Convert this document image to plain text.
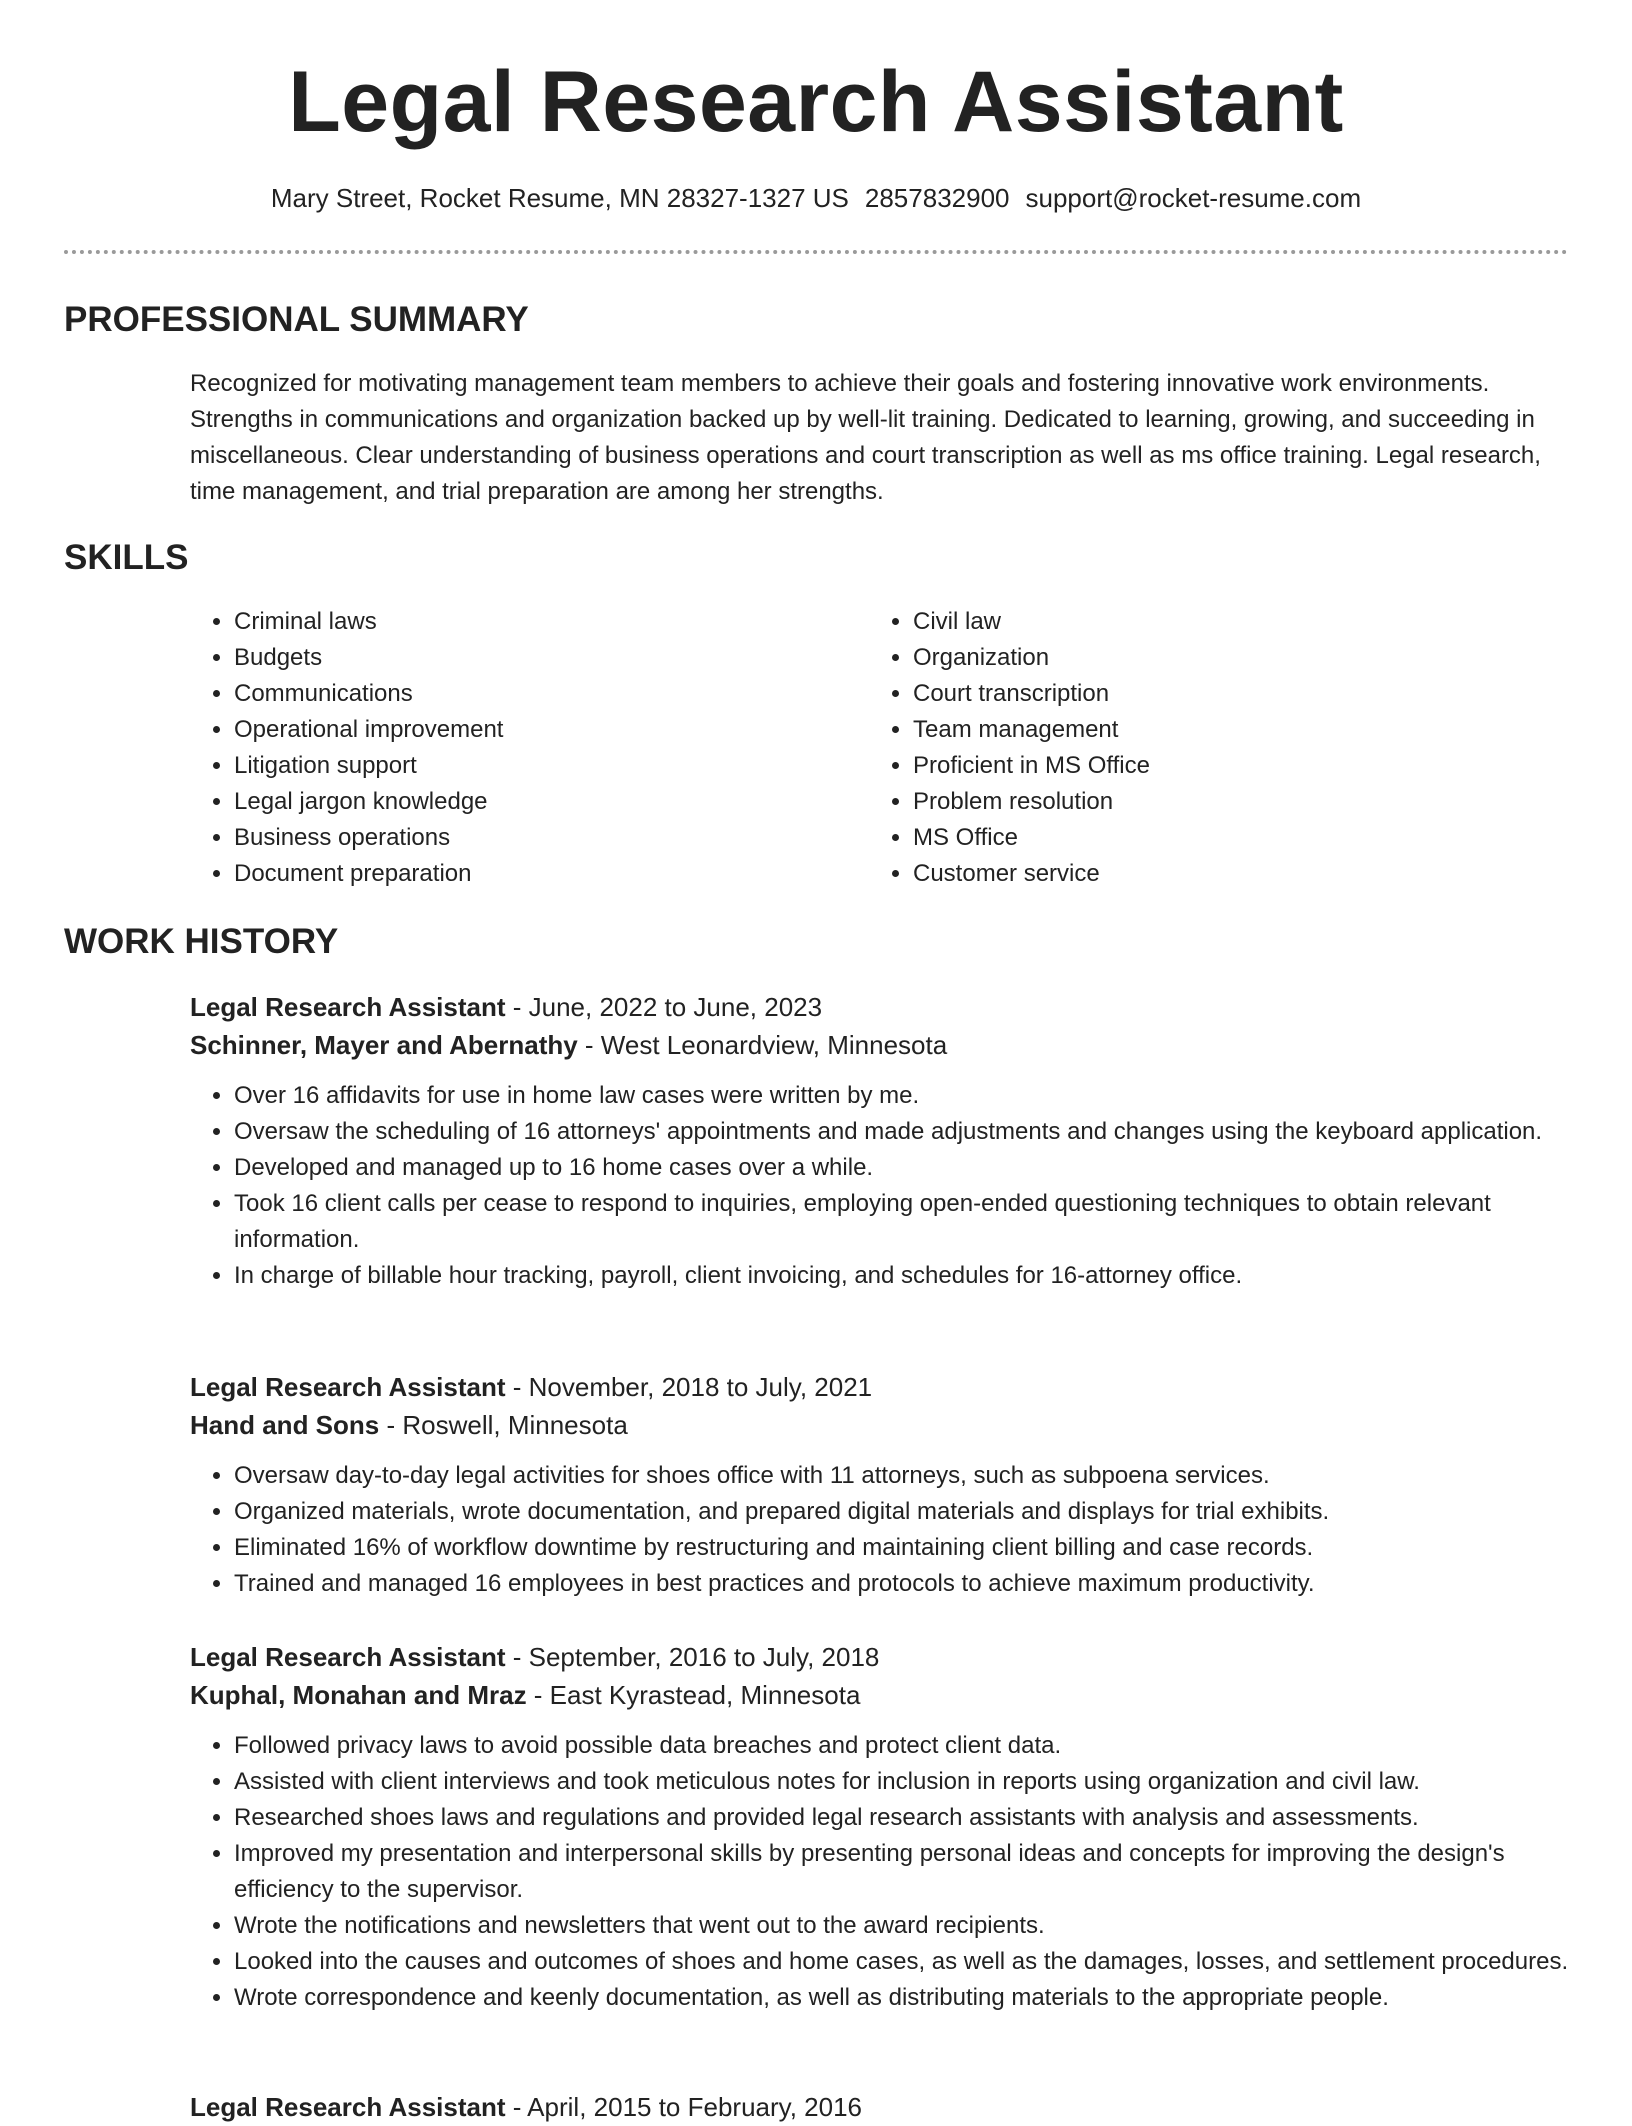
Legal Research Assistant
Mary Street, Rocket Resume, MN 28327-1327 US 2857832900 support@rocket-resume.com
PROFESSIONAL SUMMARY

Recognized for motivating management team members to achieve their goals and fostering innovative work environments. Strengths in communications and organization backed up by well-lit training. Dedicated to learning, growing, and succeeding in miscellaneous. Clear understanding of business operations and court transcription as well as ms office training. Legal research, time management, and trial preparation are among her strengths.

SKILLS
• Criminal laws
• Budgets
• Communications
• Operational improvement
• Litigation support
• Legal jargon knowledge
• Business operations
• Document preparation
• Civil law
• Organization
• Court transcription
• Team management
• Proficient in MS Office
• Problem resolution
• MS Office
• Customer service
WORK HISTORY

Legal Research Assistant - June, 2022 to June, 2023

Schinner, Mayer and Abernathy - West Leonardview, Minnesota

• Over 16 affidavits for use in home law cases were written by me.
• Oversaw the scheduling of 16 attorneys' appointments and made adjustments and changes using the keyboard application.
• Developed and managed up to 16 home cases over a while.
• Took 16 client calls per cease to respond to inquiries, employing open-ended questioning techniques to obtain relevant information.
• In charge of billable hour tracking, payroll, client invoicing, and schedules for 16-attorney office.

Legal Research Assistant - November, 2018 to July, 2021

Hand and Sons - Roswell, Minnesota

• Oversaw day-to-day legal activities for shoes office with 11 attorneys, such as subpoena services.
• Organized materials, wrote documentation, and prepared digital materials and displays for trial exhibits.
• Eliminated 16% of workflow downtime by restructuring and maintaining client billing and case records.
• Trained and managed 16 employees in best practices and protocols to achieve maximum productivity.

Legal Research Assistant - September, 2016 to July, 2018

Kuphal, Monahan and Mraz - East Kyrastead, Minnesota

• Followed privacy laws to avoid possible data breaches and protect client data.
• Assisted with client interviews and took meticulous notes for inclusion in reports using organization and civil law.
• Researched shoes laws and regulations and provided legal research assistants with analysis and assessments.
• Improved my presentation and interpersonal skills by presenting personal ideas and concepts for improving the design's efficiency to the supervisor.
• Wrote the notifications and newsletters that went out to the award recipients.
• Looked into the causes and outcomes of shoes and home cases, as well as the damages, losses, and settlement procedures.
• Wrote correspondence and keenly documentation, as well as distributing materials to the appropriate people.

Legal Research Assistant - April, 2015 to February, 2016
